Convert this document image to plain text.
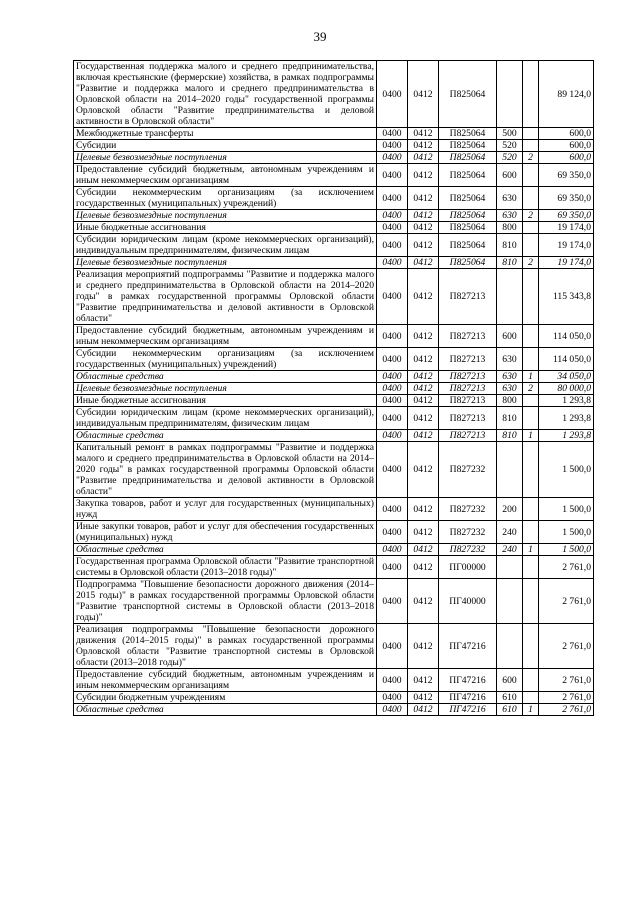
39
Государственная поддержка малого и среднего предпринимательства, включая крестьянские (фермерские) хозяйства, в рамках подпрограммы "Развитие и поддержка малого и среднего предпринимательства в Орловской области на 2014–2020 годы" государственной программы Орловской области "Развитие предпринимательства и деловой активности в Орловской области"	0400	0412	П825064			89 124,0
Межбюджетные трансферты	0400	0412	П825064	500		600,0
Субсидии	0400	0412	П825064	520		600,0
Целевые безвозмездные поступления	0400	0412	П825064	520	2	600,0
Предоставление субсидий бюджетным, автономным учреждениям и иным некоммерческим организациям	0400	0412	П825064	600		69 350,0
Субсидии некоммерческим организациям (за исключением государственных (муниципальных) учреждений)	0400	0412	П825064	630		69 350,0
Целевые безвозмездные поступления	0400	0412	П825064	630	2	69 350,0
Иные бюджетные ассигнования	0400	0412	П825064	800		19 174,0
Субсидии юридическим лицам (кроме некоммерческих организаций), индивидуальным предпринимателям, физическим лицам	0400	0412	П825064	810		19 174,0
Целевые безвозмездные поступления	0400	0412	П825064	810	2	19 174,0
Реализация мероприятий подпрограммы "Развитие и поддержка малого и среднего предпринимательства в Орловской области на 2014–2020 годы" в рамках государственной программы Орловской области "Развитие предпринимательства и деловой активности в Орловской области"	0400	0412	П827213			115 343,8
Предоставление субсидий бюджетным, автономным учреждениям и иным некоммерческим организациям	0400	0412	П827213	600		114 050,0
Субсидии некоммерческим организациям (за исключением государственных (муниципальных) учреждений)	0400	0412	П827213	630		114 050,0
Областные средства	0400	0412	П827213	630	1	34 050,0
Целевые безвозмездные поступления	0400	0412	П827213	630	2	80 000,0
Иные бюджетные ассигнования	0400	0412	П827213	800		1 293,8
Субсидии юридическим лицам (кроме некоммерческих организаций), индивидуальным предпринимателям, физическим лицам	0400	0412	П827213	810		1 293,8
Областные средства	0400	0412	П827213	810	1	1 293,8
Капитальный ремонт в рамках подпрограммы "Развитие и поддержка малого и среднего предпринимательства в Орловской области на 2014–2020 годы" в рамках государственной программы Орловской области "Развитие предпринимательства и деловой активности в Орловской области"	0400	0412	П827232			1 500,0
Закупка товаров, работ и услуг для государственных (муниципальных) нужд	0400	0412	П827232	200		1 500,0
Иные закупки товаров, работ и услуг для обеспечения государственных (муниципальных) нужд	0400	0412	П827232	240		1 500,0
Областные средства	0400	0412	П827232	240	1	1 500,0
Государственная программа Орловской области "Развитие транспортной системы в Орловской области (2013–2018 годы)"	0400	0412	ПГ00000			2 761,0
Подпрограмма "Повышение безопасности дорожного движения (2014–2015 годы)" в рамках государственной программы Орловской области "Развитие транспортной системы в Орловской области (2013–2018 годы)"	0400	0412	ПГ40000			2 761,0
Реализация подпрограммы "Повышение безопасности дорожного движения (2014–2015 годы)" в рамках государственной программы Орловской области "Развитие транспортной системы в Орловской области (2013–2018 годы)"	0400	0412	ПГ47216			2 761,0
Предоставление субсидий бюджетным, автономным учреждениям и иным некоммерческим организациям	0400	0412	ПГ47216	600		2 761,0
Субсидии бюджетным учреждениям	0400	0412	ПГ47216	610		2 761,0
Областные средства	0400	0412	ПГ47216	610	1	2 761,0
